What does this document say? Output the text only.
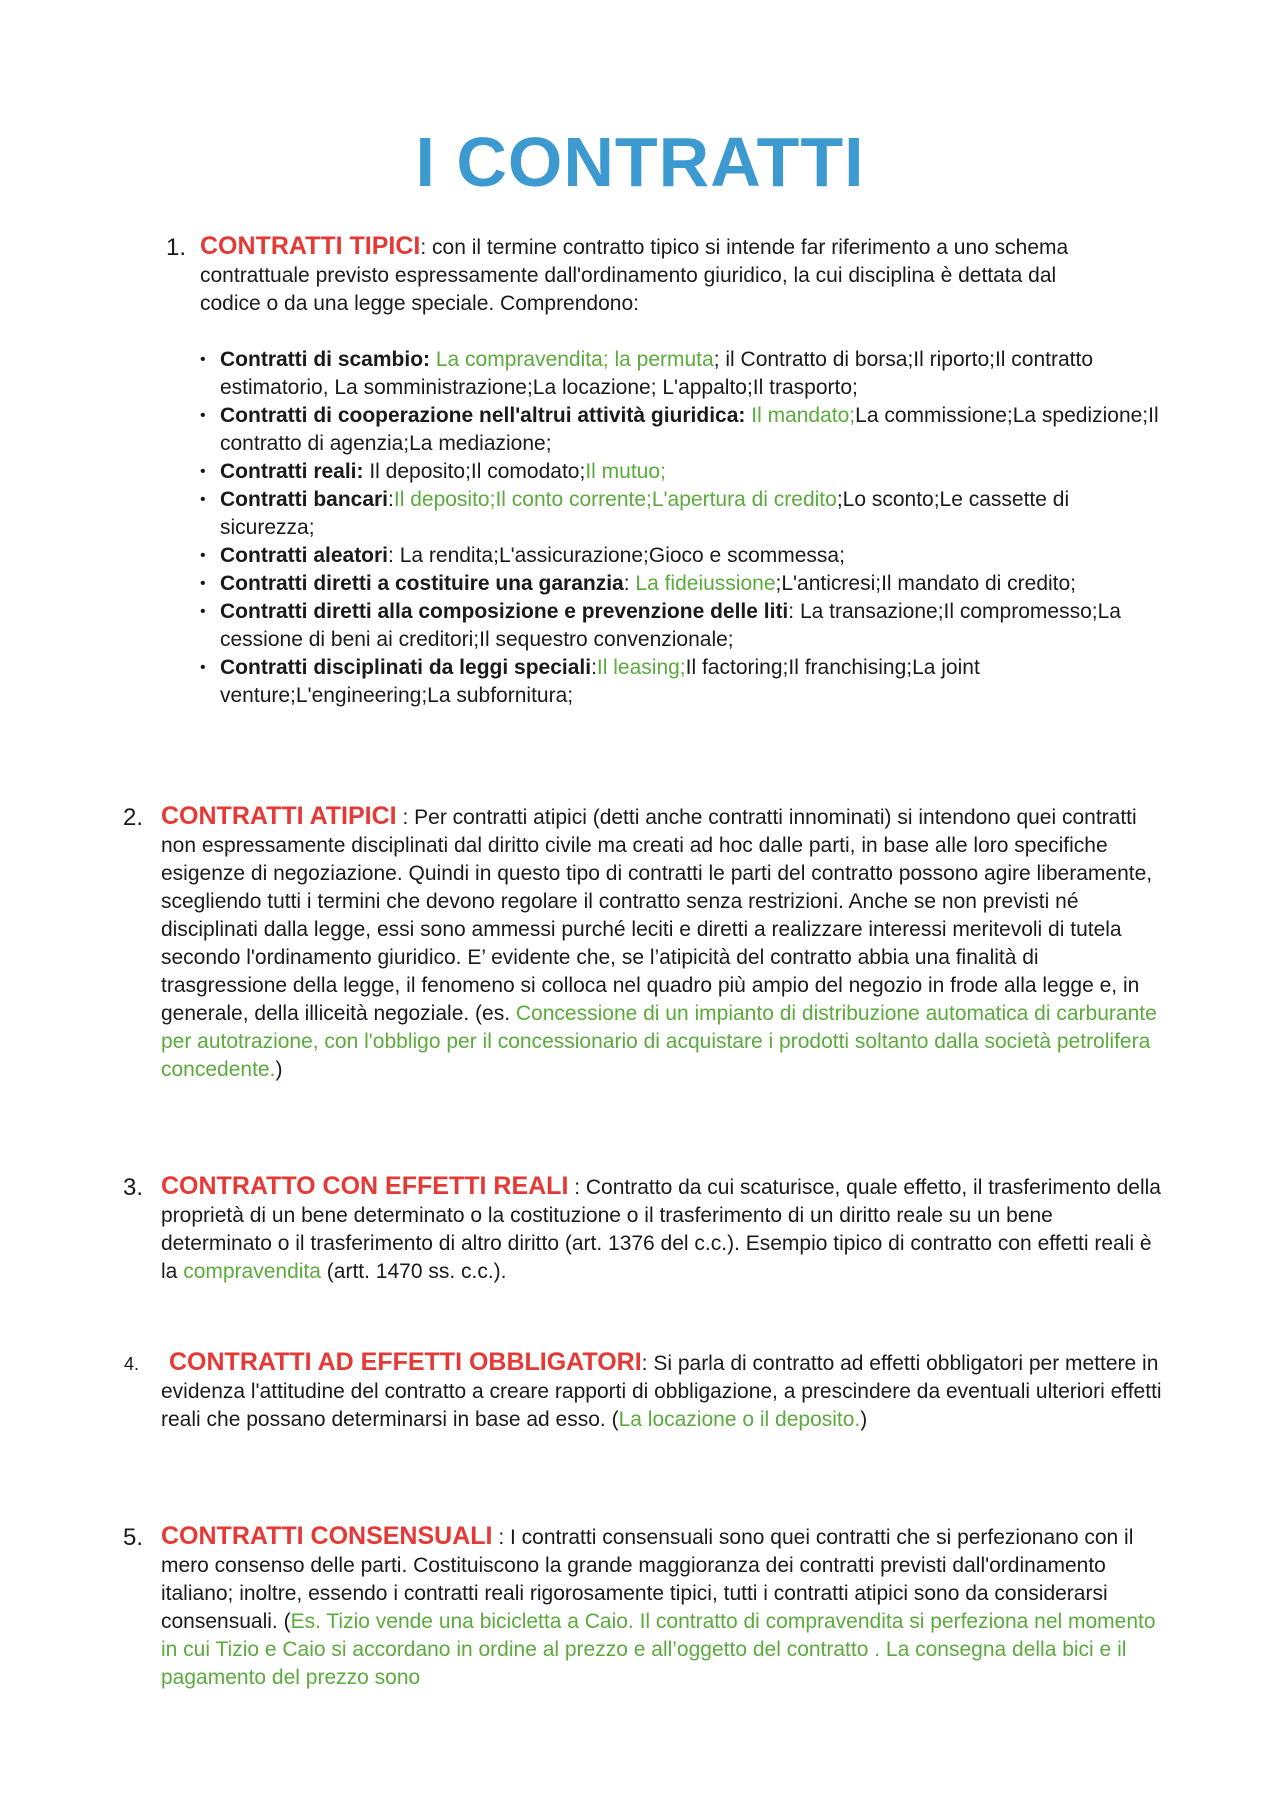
I CONTRATTI
1. CONTRATTI TIPICI: con il termine contratto tipico si intende far riferimento a uno schema contrattuale previsto espressamente dall'ordinamento giuridico, la cui disciplina è dettata dal codice o da una legge speciale. Comprendono:

• Contratti di scambio: La compravendita; la permuta; il Contratto di borsa;Il riporto;Il contratto estimatorio, La somministrazione;La locazione; L'appalto;Il trasporto;
• Contratti di cooperazione nell'altrui attività giuridica: Il mandato;La commissione;La spedizione;Il contratto di agenzia;La mediazione;
• Contratti reali: Il deposito;Il comodato;Il mutuo;
• Contratti bancari:Il deposito;Il conto corrente;L'apertura di credito;Lo sconto;Le cassette di sicurezza;
• Contratti aleatori: La rendita;L'assicurazione;Gioco e scommessa;
• Contratti diretti a costituire una garanzia: La fideiussione;L'anticresi;Il mandato di credito;
• Contratti diretti alla composizione e prevenzione delle liti: La transazione;Il compromesso;La cessione di beni ai creditori;Il sequestro convenzionale;
• Contratti disciplinati da leggi speciali:Il leasing;Il factoring;Il franchising;La joint venture;L'engineering;La subfornitura;
2. CONTRATTI ATIPICI : Per contratti atipici (detti anche contratti innominati) si intendono quei contratti non espressamente disciplinati dal diritto civile ma creati ad hoc dalle parti, in base alle loro specifiche esigenze di negoziazione. Quindi in questo tipo di contratti le parti del contratto possono agire liberamente, scegliendo tutti i termini che devono regolare il contratto senza restrizioni. Anche se non previsti né disciplinati dalla legge, essi sono ammessi purché leciti e diretti a realizzare interessi meritevoli di tutela secondo l'ordinamento giuridico. E’ evidente che, se l’atipicità del contratto abbia una finalità di trasgressione della legge, il fenomeno si colloca nel quadro più ampio del negozio in frode alla legge e, in generale, della illiceità negoziale. (es. Concessione di un impianto di distribuzione automatica di carburante per autotrazione, con l'obbligo per il concessionario di acquistare i prodotti soltanto dalla società petrolifera concedente.)

3. CONTRATTO CON EFFETTI REALI : Contratto da cui scaturisce, quale effetto, il trasferimento della proprietà di un bene determinato o la costituzione o il trasferimento di un diritto reale su un bene determinato o il trasferimento di altro diritto (art. 1376 del c.c.). Esempio tipico di contratto con effetti reali è la compravendita (artt. 1470 ss. c.c.).

4.	CONTRATTI AD EFFETTI OBBLIGATORI: Si parla di contratto ad effetti obbligatori per mettere in evidenza l'attitudine del contratto a creare rapporti di obbligazione, a prescindere da eventuali ulteriori effetti reali che possano determinarsi in base ad esso. (La locazione o il deposito.)

5. CONTRATTI CONSENSUALI : I contratti consensuali sono quei contratti che si perfezionano con il mero consenso delle parti. Costituiscono la grande maggioranza dei contratti previsti dall'ordinamento italiano; inoltre, essendo i contratti reali rigorosamente tipici, tutti i contratti atipici sono da considerarsi consensuali. (Es. Tizio vende una bicicletta a Caio. Il contratto di compravendita si perfeziona nel momento in cui Tizio e Caio si accordano in ordine al prezzo e all’oggetto del contratto . La consegna della bici e il pagamento del prezzo sono
